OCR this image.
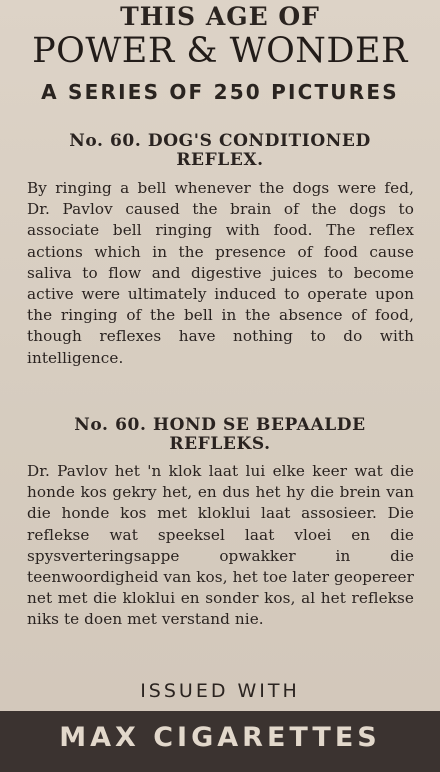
THIS AGE OF
POWER & WONDER
A SERIES OF 250 PICTURES
No. 60. DOG'S CONDITIONED
REFLEX.
By ringing a bell whenever the dogs were fed, Dr. Pavlov caused the brain of the dogs to associate bell ringing with food. The reflex actions which in the presence of food cause saliva to flow and digestive juices to become active were ultimately induced to operate upon the ringing of the bell in the absence of food, though reflexes have nothing to do with intelligence.
No. 60. HOND SE BEPAALDE
REFLEKS.
Dr. Pavlov het 'n klok laat lui elke keer wat die honde kos gekry het, en dus het hy die brein van die honde kos met kloklui laat assosieer. Die reflekse wat speeksel laat vloei en die spysverteringsappe opwakker in die teenwoordigheid van kos, het toe later geopereer net met die kloklui en sonder kos, al het reflekse niks te doen met verstand nie.
ISSUED WITH
MAX CIGARETTES
